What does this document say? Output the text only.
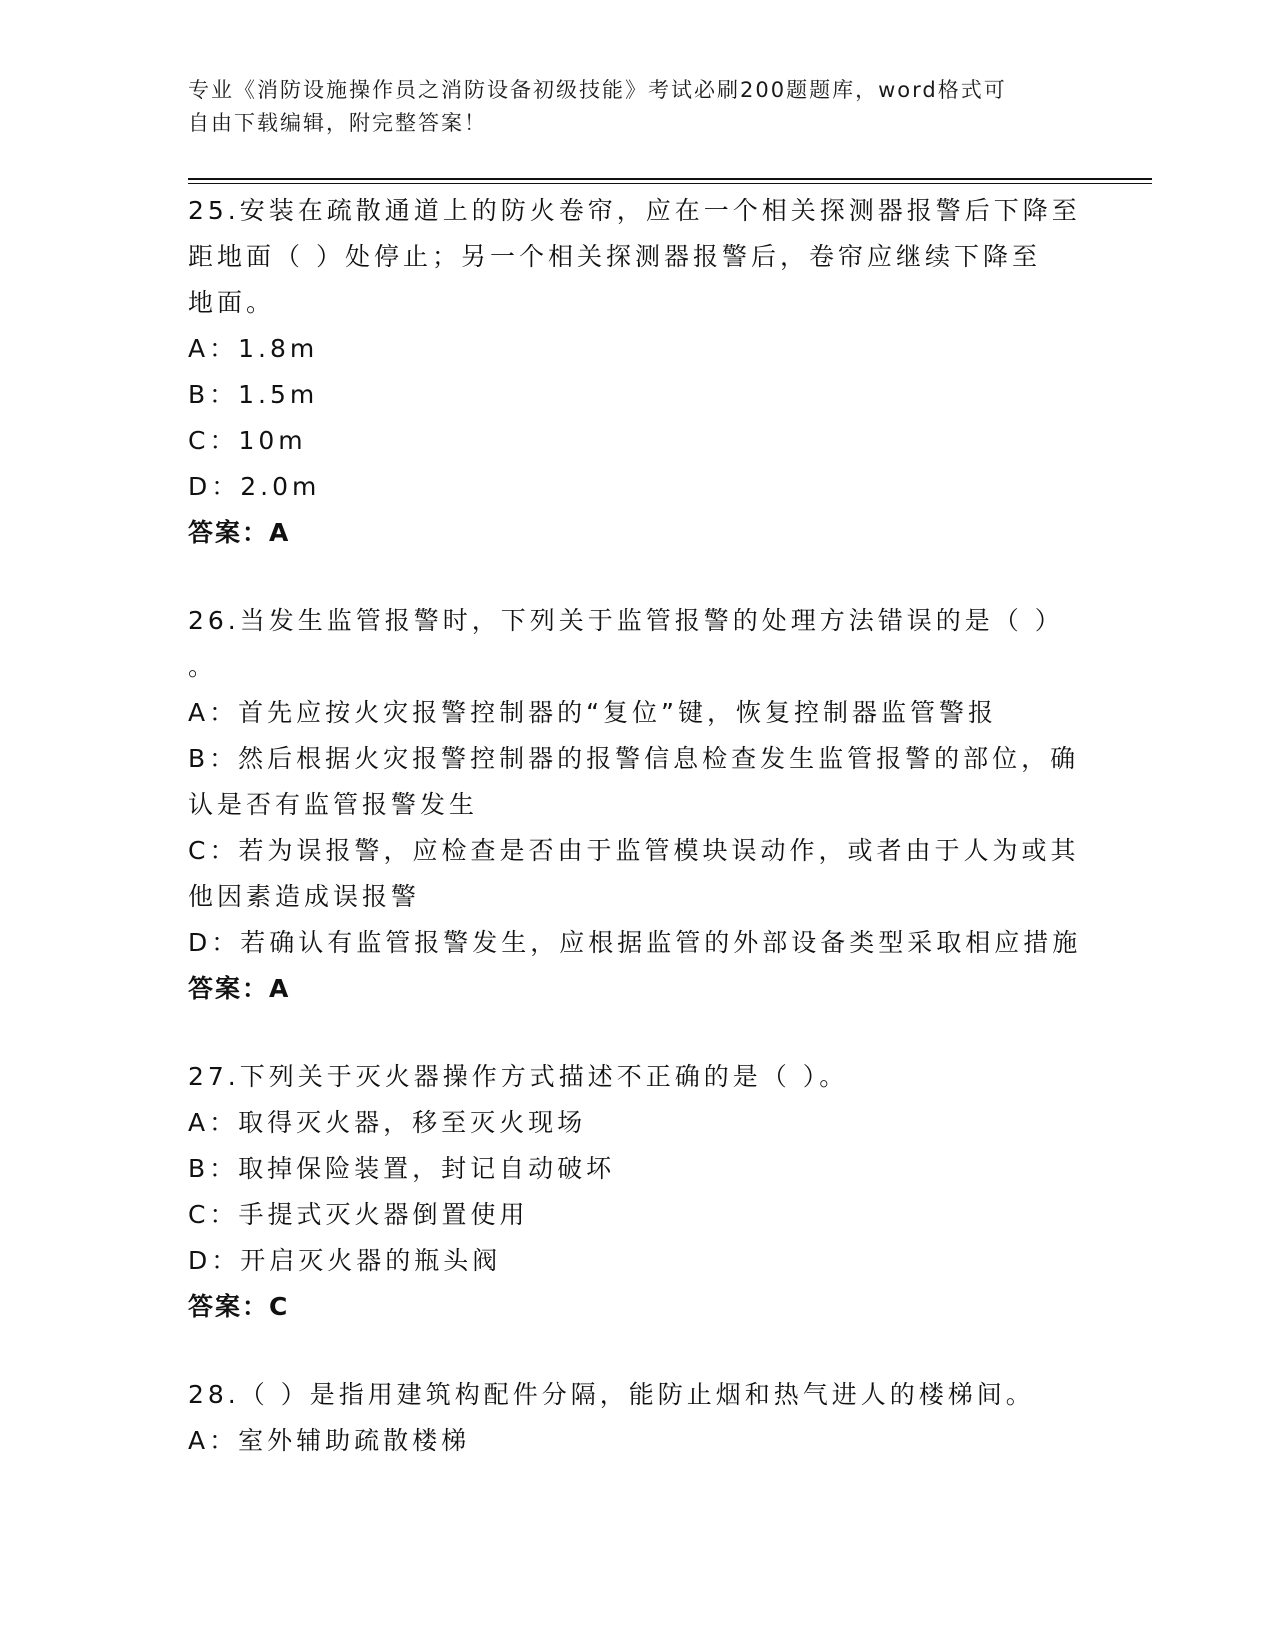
专业《消防设施操作员之消防设备初级技能》考试必刷200题题库，word格式可
自由下载编辑，附完整答案！
25.安装在疏散通道上的防火卷帘，应在一个相关探测器报警后下降至
距地面（ ）处停止；另一个相关探测器报警后，卷帘应继续下降至
地面。
A：1.8m
B：1.5m
C：10m
D：2.0m
答案：A
26.当发生监管报警时，下列关于监管报警的处理方法错误的是（ ）
。
A：首先应按火灾报警控制器的“复位”键，恢复控制器监管警报
B：然后根据火灾报警控制器的报警信息检查发生监管报警的部位，确
认是否有监管报警发生
C：若为误报警，应检查是否由于监管模块误动作，或者由于人为或其
他因素造成误报警
D：若确认有监管报警发生，应根据监管的外部设备类型采取相应措施
答案：A
27.下列关于灭火器操作方式描述不正确的是（ ）。
A：取得灭火器，移至灭火现场
B：取掉保险装置，封记自动破坏
C：手提式灭火器倒置使用
D：开启灭火器的瓶头阀
答案：C
28.（ ）是指用建筑构配件分隔，能防止烟和热气进人的楼梯间。
A：室外辅助疏散楼梯
